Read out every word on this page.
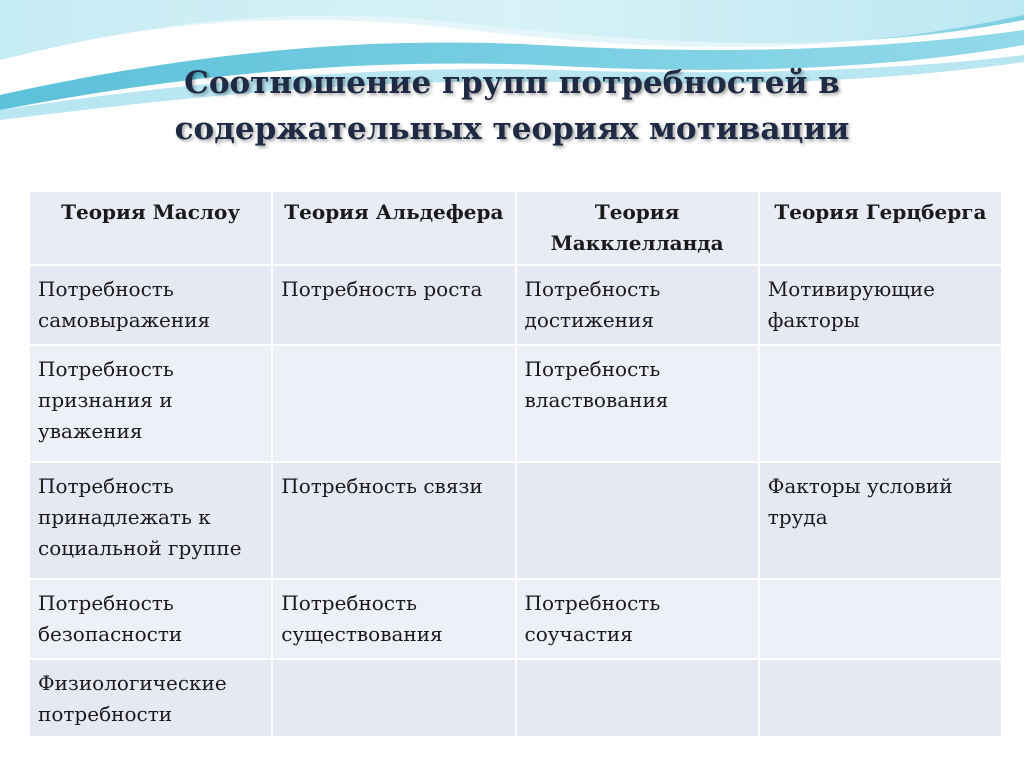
Соотношение групп потребностей в
содержательных теориях мотивации
Теория Маслоу	Теория Альдефера	Теория Макклелланда	Теория Герцберга
Потребность самовыражения	Потребность роста	Потребность достижения	Мотивирующие факторы
Потребность признания и уважения		Потребность властвования	
Потребность принадлежать к социальной группе	Потребность связи		Факторы условий труда
Потребность безопасности	Потребность существования	Потребность соучастия	
Физиологические потребности			
